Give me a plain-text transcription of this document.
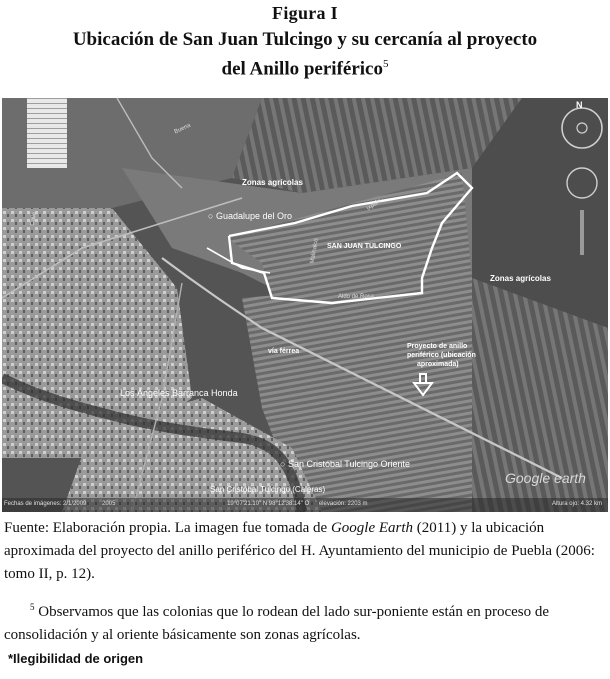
Figura I
Ubicación de San Juan Tulcingo y su cercanía al proyecto
del Anillo periférico$^5$
N
Zonas agrícolas
○ Guadalupe del Oro
SAN JUAN TULCINGO
Zonas agrícolas
Proyecto de anillo
periférico (ubicación
aproximada)
vía férrea
Los Ángeles Barranca Honda
○ San Cristóbal Tulcingo Oriente
San Cristóbal Tulcingo (Caleras)
Buena
Calle
Ixpalu
Malinalco
Aldo de Rosa
Google earth
Fechas de imágenes: 2/1/2009	2005	19°07'21.10" N 98°12'38.14" O elevación: 2203 m	Altura ojo: 4.32 km
Fuente: Elaboración propia. La imagen fue tomada de Google Earth (2011) y la ubicación aproximada del proyecto del anillo periférico del H. Ayuntamiento del municipio de Puebla (2006: tomo II, p. 12).
$^5$ Observamos que las colonias que lo rodean del lado sur-poniente están en proceso de consolidación y al oriente básicamente son zonas agrícolas.
*Ilegibilidad de origen
